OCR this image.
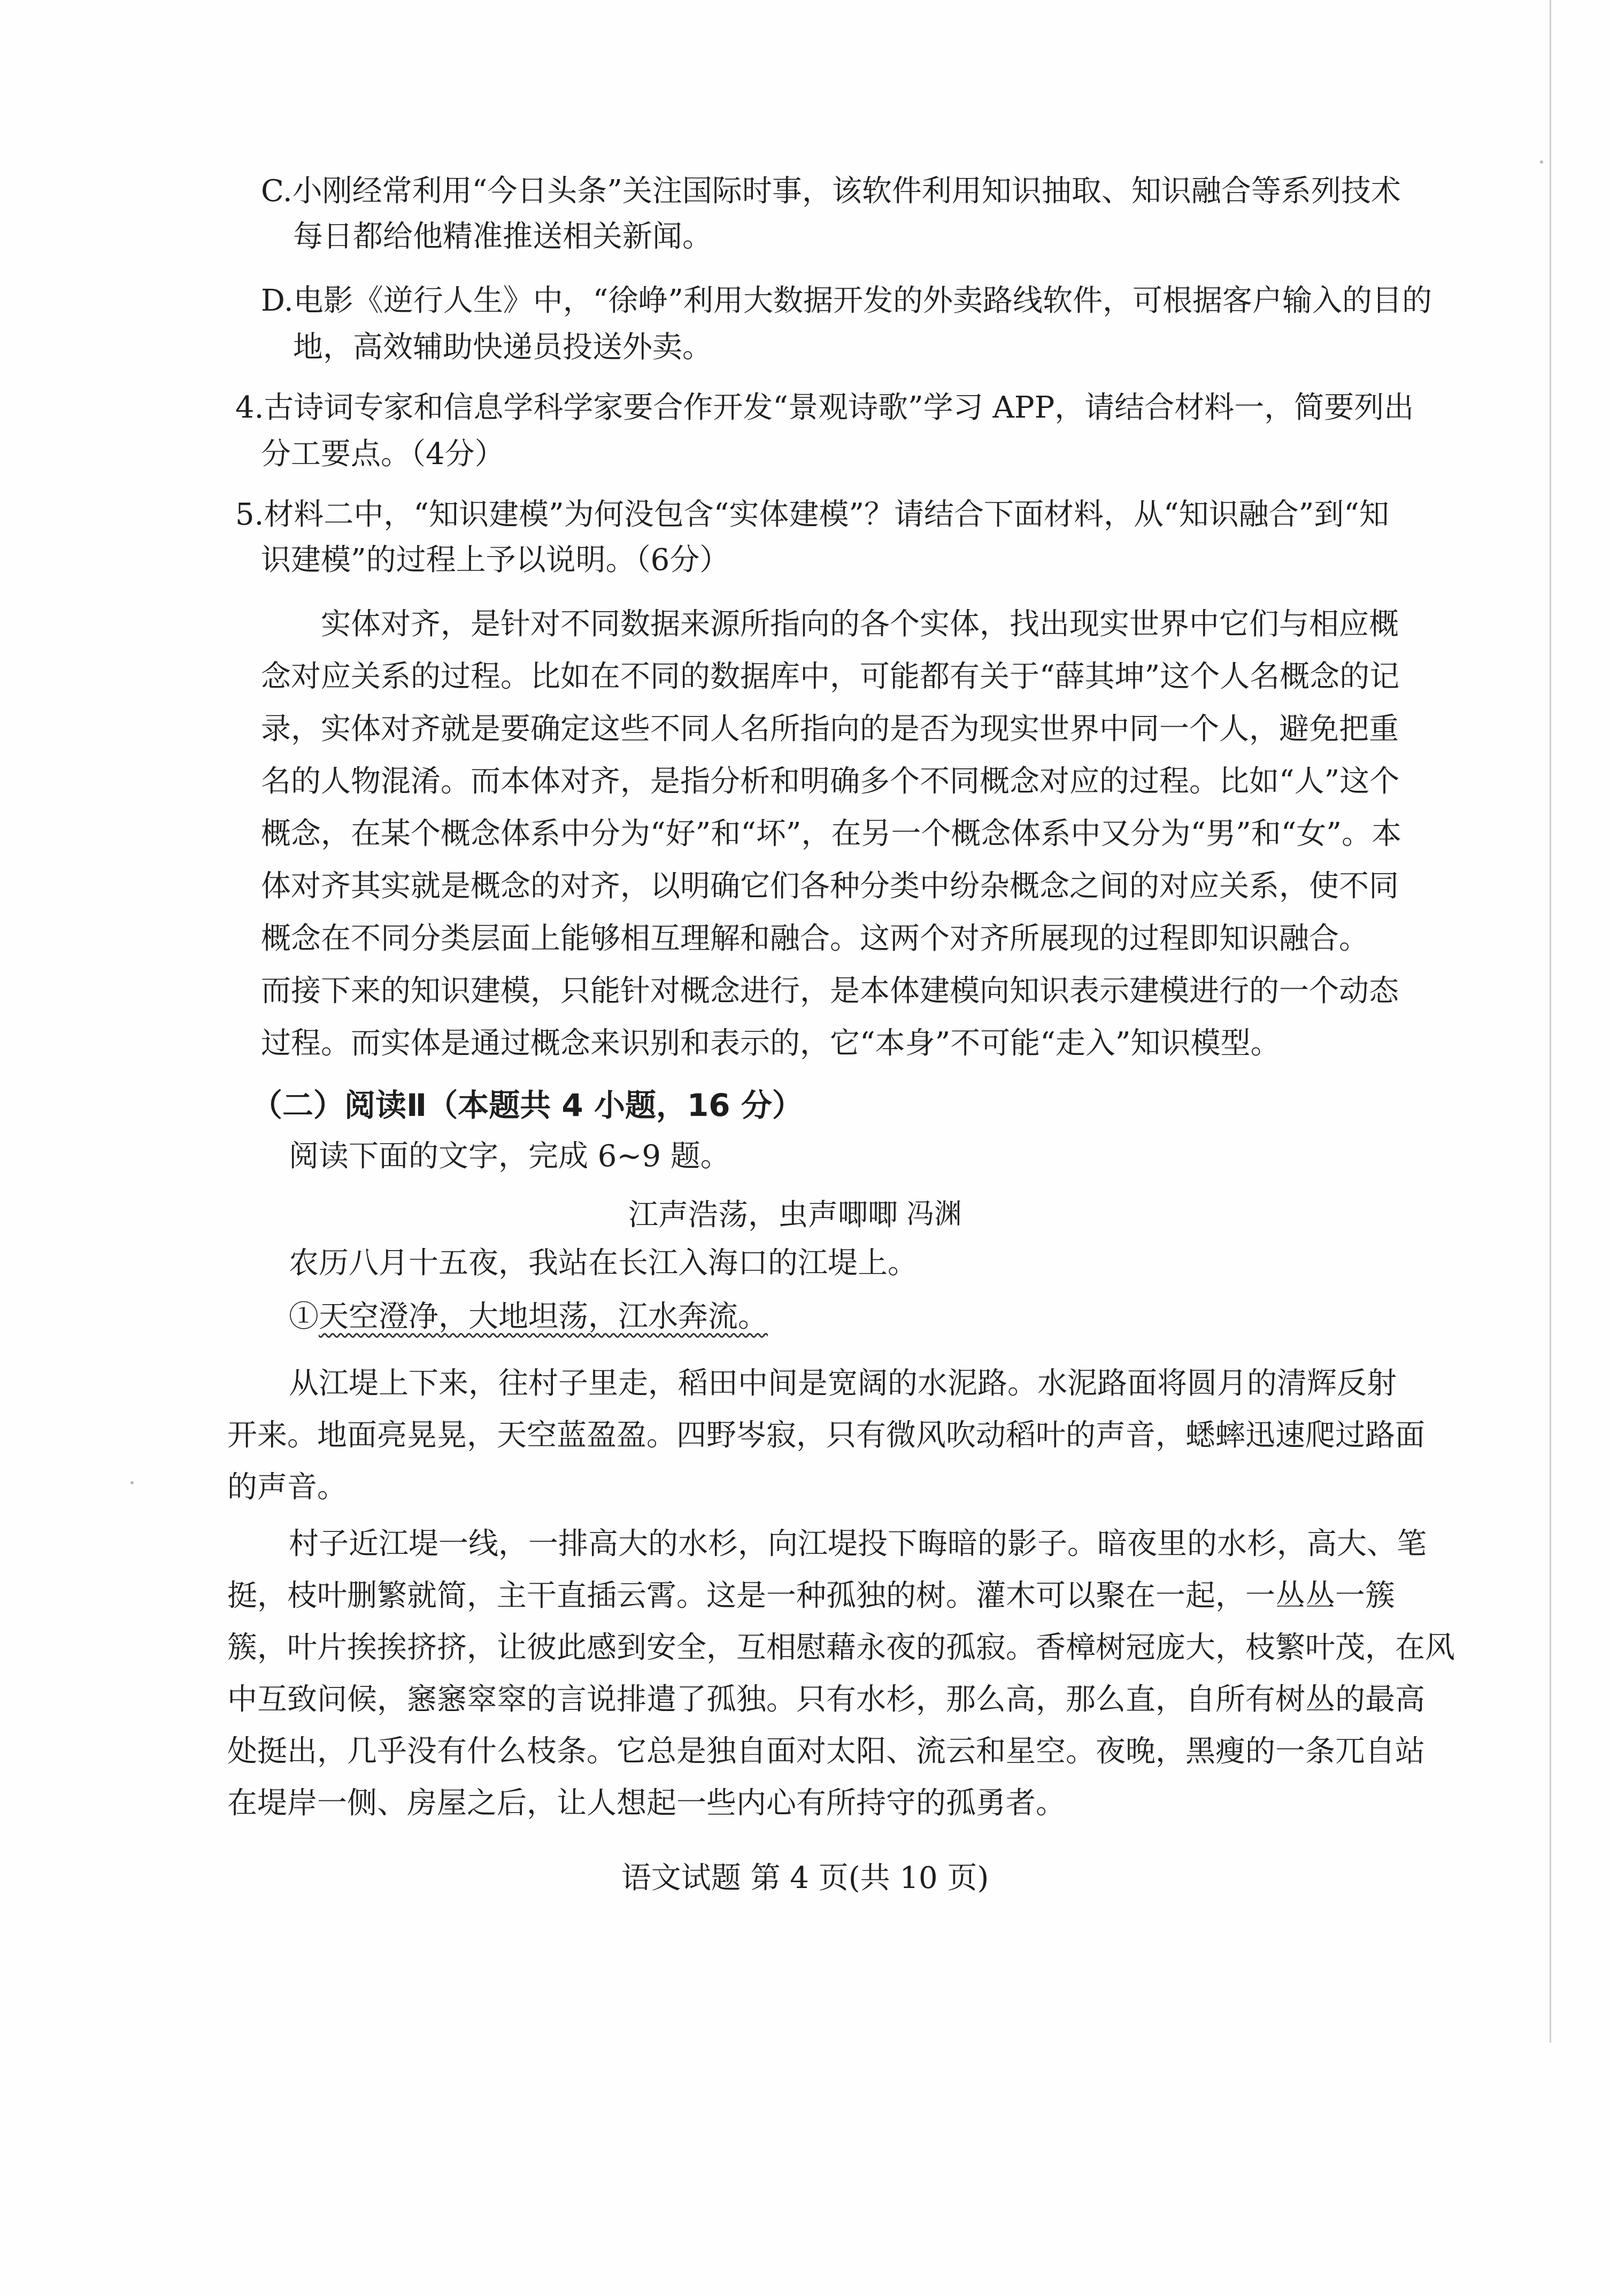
C.小刚经常利用“今日头条”关注国际时事，该软件利用知识抽取、知识融合等系列技术
每日都给他精准推送相关新闻。
D.电影《逆行人生》中，“徐峥”利用大数据开发的外卖路线软件，可根据客户输入的目的
地，高效辅助快递员投送外卖。
4.古诗词专家和信息学科学家要合作开发“景观诗歌”学习 APP，请结合材料一，简要列出
分工要点。（4分）
5.材料二中，“知识建模”为何没包含“实体建模”？请结合下面材料，从“知识融合”到“知
识建模”的过程上予以说明。（6分）
实体对齐，是针对不同数据来源所指向的各个实体，找出现实世界中它们与相应概
念对应关系的过程。比如在不同的数据库中，可能都有关于“薛其坤”这个人名概念的记
录，实体对齐就是要确定这些不同人名所指向的是否为现实世界中同一个人，避免把重
名的人物混淆。而本体对齐，是指分析和明确多个不同概念对应的过程。比如“人”这个
概念，在某个概念体系中分为“好”和“坏”，在另一个概念体系中又分为“男”和“女”。本
体对齐其实就是概念的对齐，以明确它们各种分类中纷杂概念之间的对应关系，使不同
概念在不同分类层面上能够相互理解和融合。这两个对齐所展现的过程即知识融合。
而接下来的知识建模，只能针对概念进行，是本体建模向知识表示建模进行的一个动态
过程。而实体是通过概念来识别和表示的，它“本身”不可能“走入”知识模型。
（二）阅读Ⅱ（本题共 4 小题，16 分）
阅读下面的文字，完成 6~9 题。
江声浩荡，虫声唧唧 冯渊
农历八月十五夜，我站在长江入海口的江堤上。
①天空澄净，大地坦荡，江水奔流。
从江堤上下来，往村子里走，稻田中间是宽阔的水泥路。水泥路面将圆月的清辉反射
开来。地面亮晃晃，天空蓝盈盈。四野岑寂，只有微风吹动稻叶的声音，蟋蟀迅速爬过路面
的声音。
村子近江堤一线，一排高大的水杉，向江堤投下晦暗的影子。暗夜里的水杉，高大、笔
挺，枝叶删繁就简，主干直插云霄。这是一种孤独的树。灌木可以聚在一起，一丛丛一簇
簇，叶片挨挨挤挤，让彼此感到安全，互相慰藉永夜的孤寂。香樟树冠庞大，枝繁叶茂，在风
中互致问候，窸窸窣窣的言说排遣了孤独。只有水杉，那么高，那么直，自所有树丛的最高
处挺出，几乎没有什么枝条。它总是独自面对太阳、流云和星空。夜晚，黑瘦的一条兀自站
在堤岸一侧、房屋之后，让人想起一些内心有所持守的孤勇者。
语文试题 第 4 页(共 10 页)
